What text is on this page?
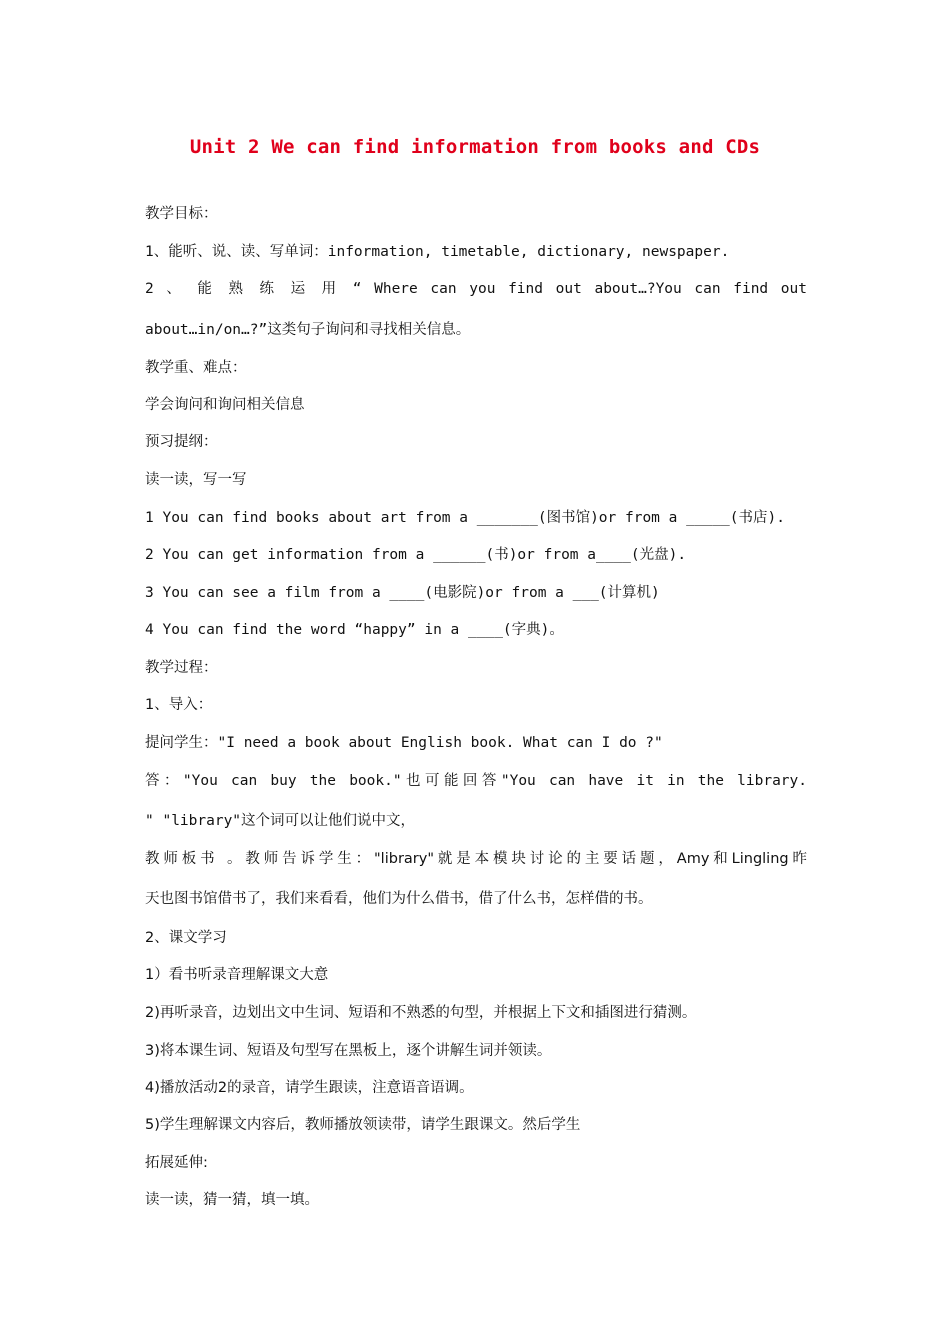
Unit 2 We can find information from books and CDs
教学目标：
1、能听、说、读、写单词：information, timetable, dictionary, newspaper.
2 、 能 熟 练 运 用 “ Where can you find out about…?You can find out
about…in/on…?”这类句子询问和寻找相关信息。
教学重、难点：
学会询问和询问相关信息
预习提纲：
读一读，写一写
1 You can find books about art from a _______(图书馆)or from a _____(书店).
2 You can get information from a ______(书)or from a____(光盘).
3 You can see a film from a ____(电影院)or from a ___(计算机)
4 You can find the word “happy” in a ____(字典)。
教学过程：
1、导入：
提问学生："I need a book about English book. What can I do ?"
答："You can buy the book."也可能回答"You can have it in the library.
" "library"这个词可以让他们说中文，
教师板书 。教师告诉学生："library"就是本模块讨论的主要话题，Amy和Lingling昨
天也图书馆借书了，我们来看看，他们为什么借书，借了什么书，怎样借的书。
2、课文学习
1）看书听录音理解课文大意
2)再听录音，边划出文中生词、短语和不熟悉的句型，并根据上下文和插图进行猜测。
3)将本课生词、短语及句型写在黑板上，逐个讲解生词并领读。
4)播放活动2的录音，请学生跟读，注意语音语调。
5)学生理解课文内容后，教师播放领读带，请学生跟课文。然后学生
拓展延伸:
读一读，猜一猜，填一填。
